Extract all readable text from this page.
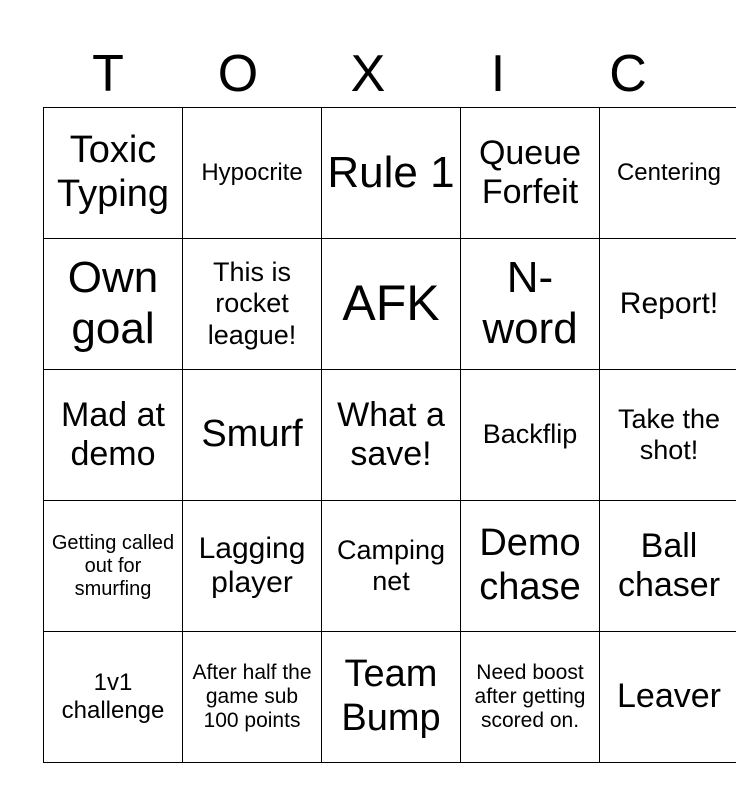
T	O	X	I	C
Toxic Typing	Hypocrite	Rule 1	Queue Forfeit	Centering
Own goal	This is rocket league!	AFK	N-word	Report!
Mad at demo	Smurf	What a save!	Backflip	Take the shot!
Getting called out for smurfing	Lagging player	Camping net	Demo chase	Ball chaser
1v1 challenge	After half the game sub 100 points	Team Bump	Need boost after getting scored on.	Leaver
